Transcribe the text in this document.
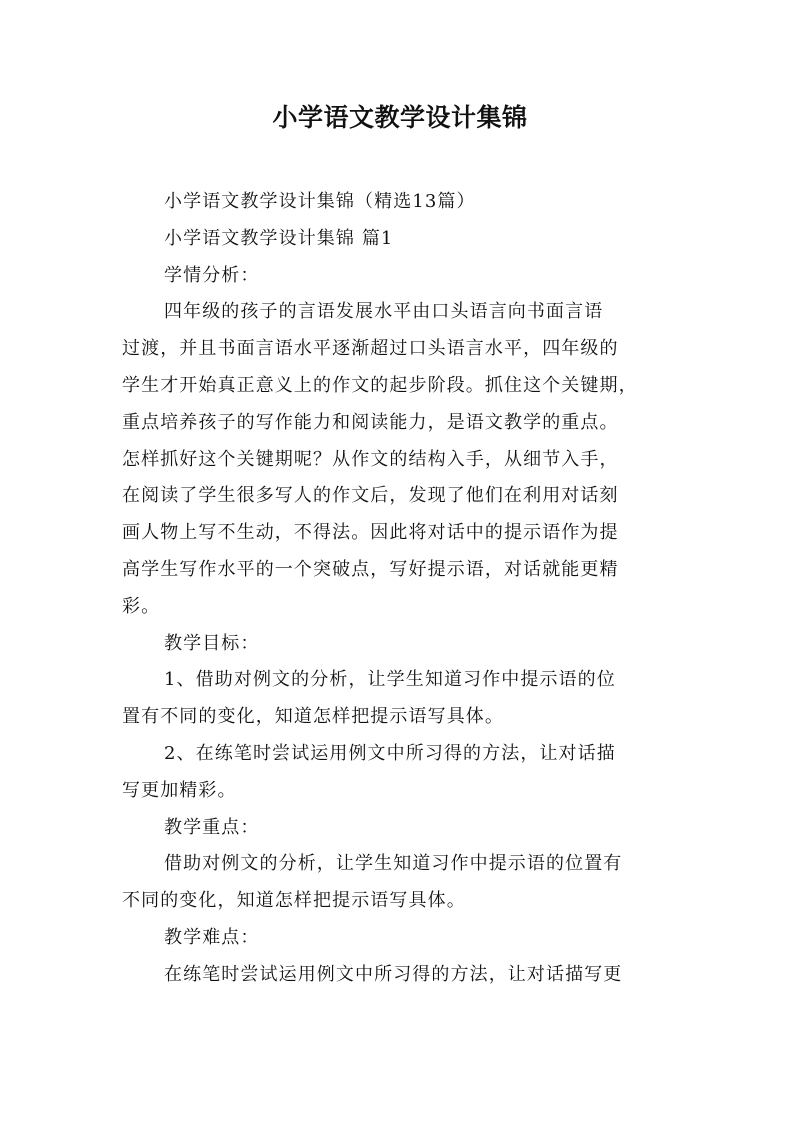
小学语文教学设计集锦
小学语文教学设计集锦（精选13篇）
小学语文教学设计集锦 篇1
学情分析：
四年级的孩子的言语发展水平由口头语言向书面言语
过渡，并且书面言语水平逐渐超过口头语言水平，四年级的
学生才开始真正意义上的作文的起步阶段。抓住这个关键期，
重点培养孩子的写作能力和阅读能力，是语文教学的重点。
怎样抓好这个关键期呢？从作文的结构入手，从细节入手，
在阅读了学生很多写人的作文后，发现了他们在利用对话刻
画人物上写不生动，不得法。因此将对话中的提示语作为提
高学生写作水平的一个突破点，写好提示语，对话就能更精
彩。
教学目标：
1、借助对例文的分析，让学生知道习作中提示语的位
置有不同的变化，知道怎样把提示语写具体。
2、在练笔时尝试运用例文中所习得的方法，让对话描
写更加精彩。
教学重点：
借助对例文的分析，让学生知道习作中提示语的位置有
不同的变化，知道怎样把提示语写具体。
教学难点：
在练笔时尝试运用例文中所习得的方法，让对话描写更
